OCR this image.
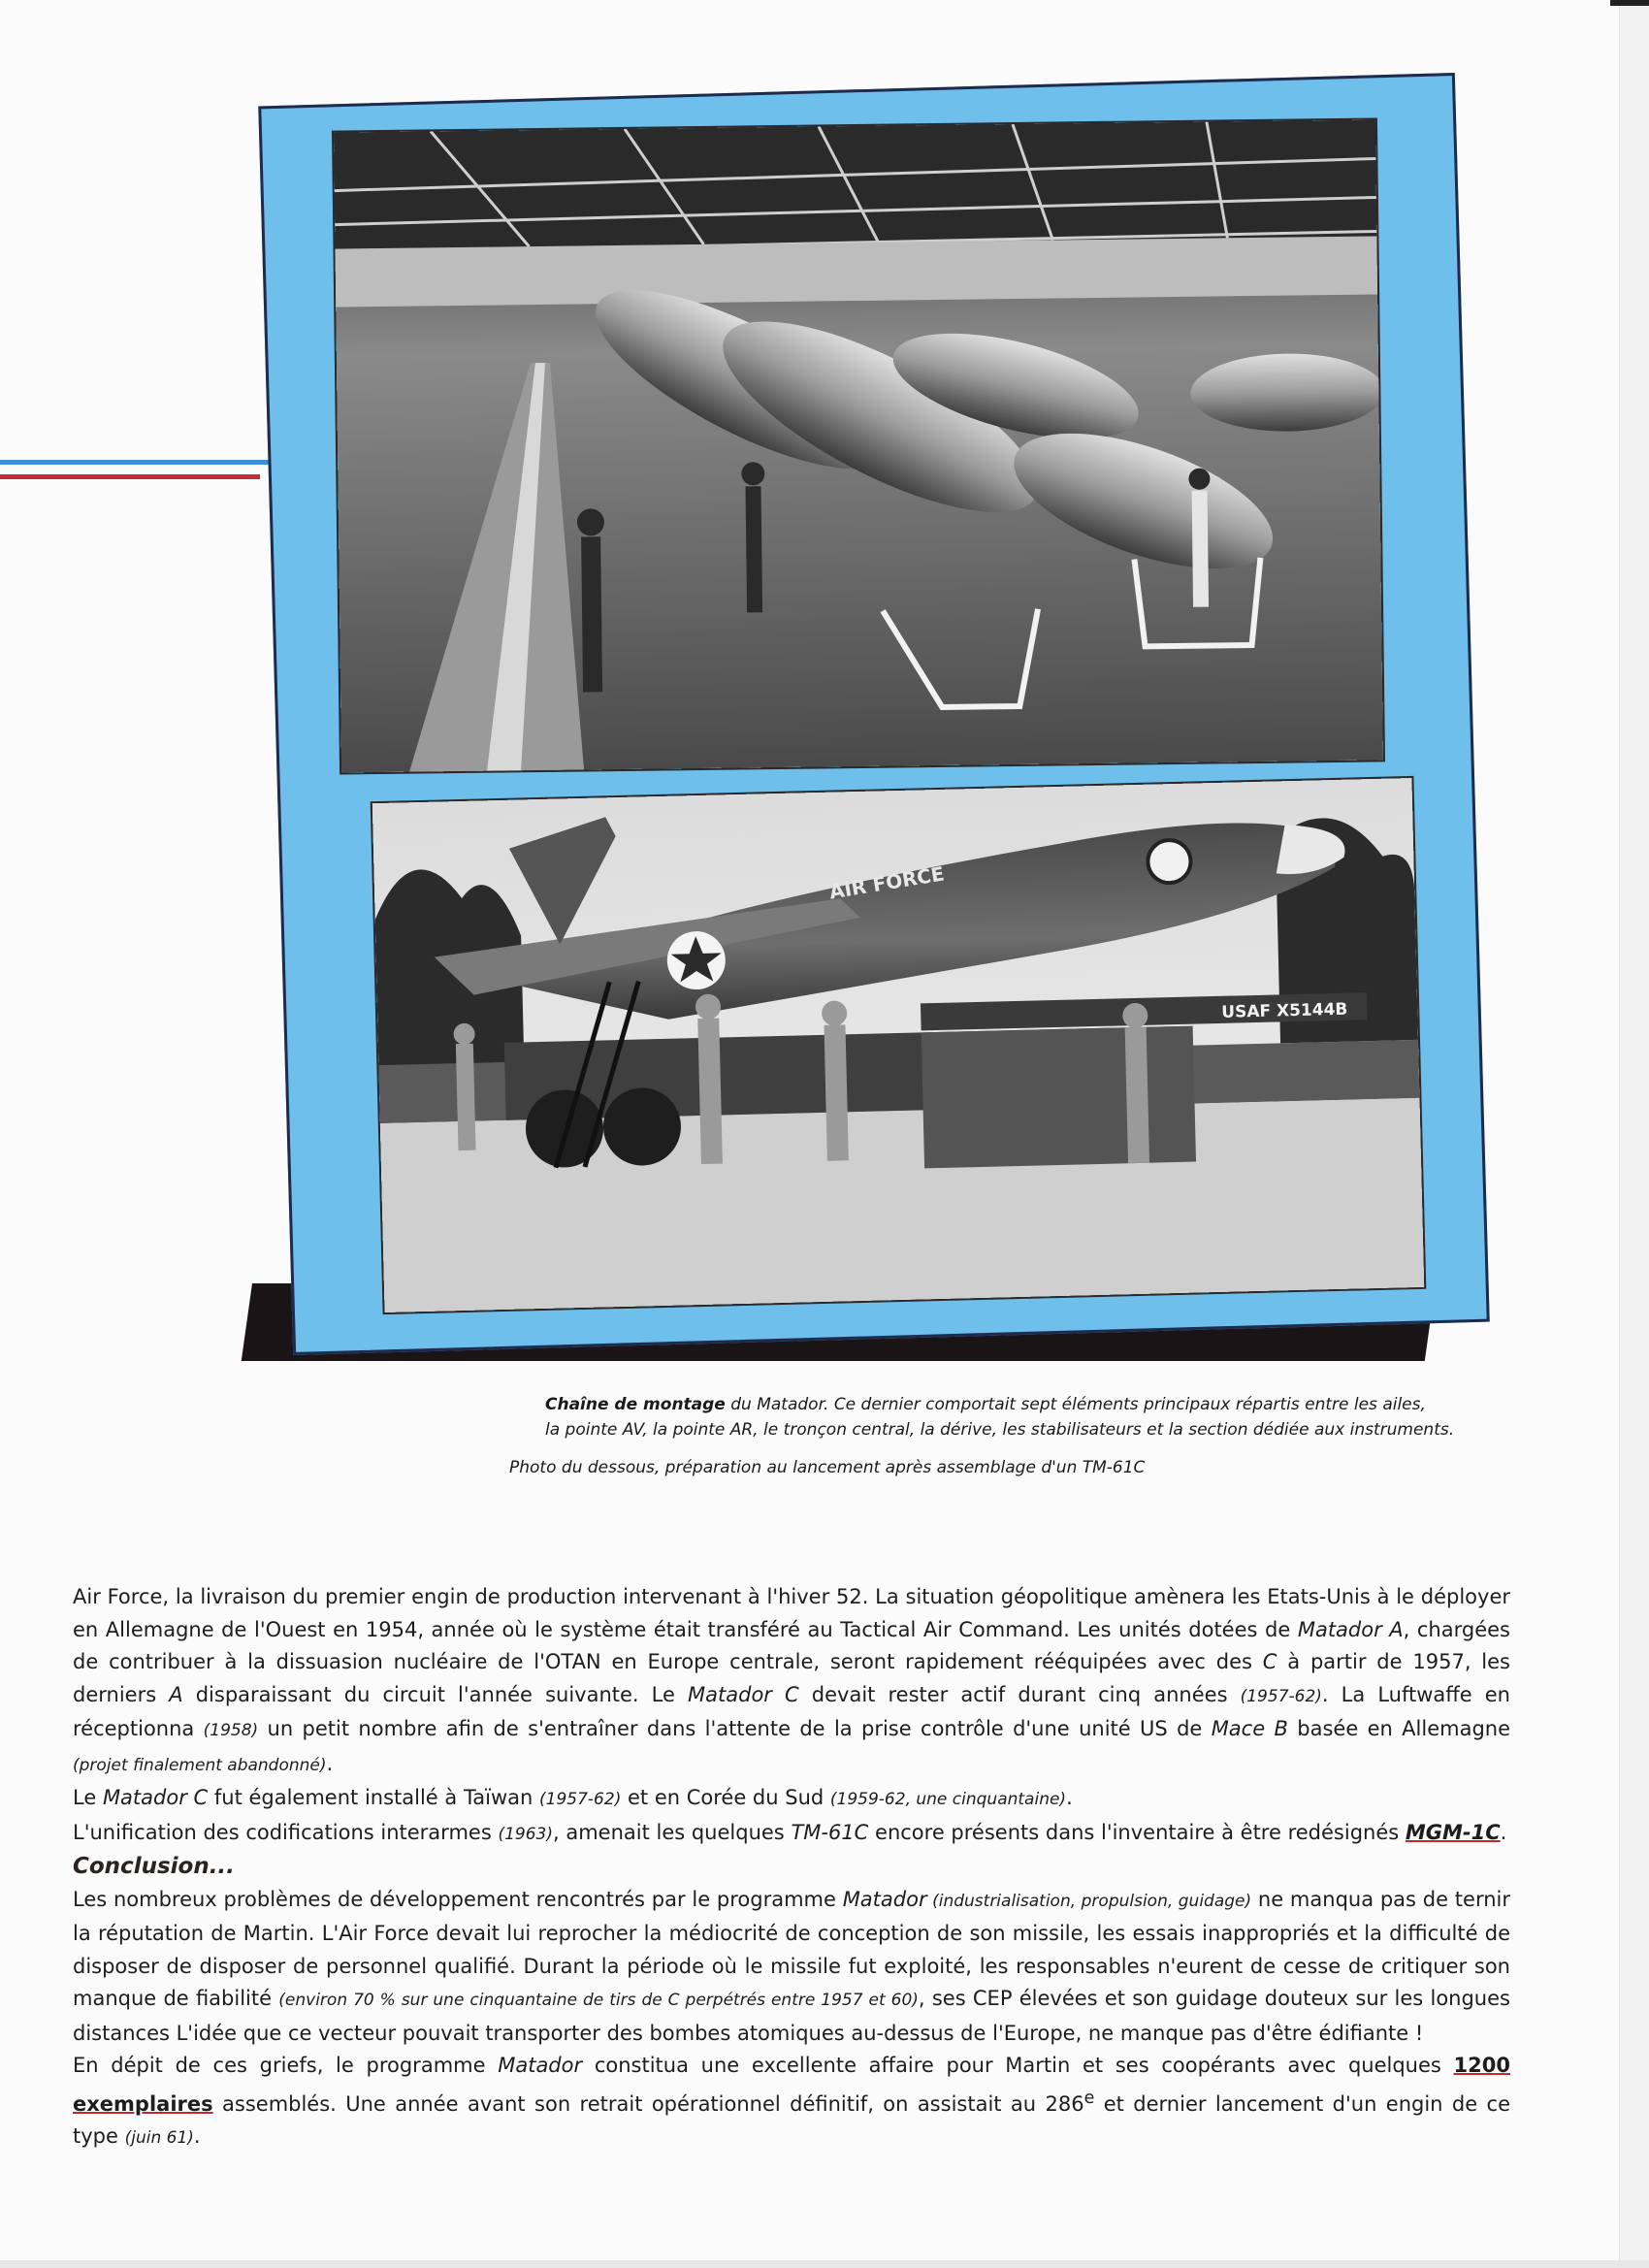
AIR FORCE
USAF X5144B
Chaîne de montage du Matador. Ce dernier comportait sept éléments principaux répartis entre les ailes,
la pointe AV, la pointe AR, le tronçon central, la dérive, les stabilisateurs et la section dédiée aux instruments.
Photo du dessous, préparation au lancement après assemblage d'un TM-61C

Air Force, la livraison du premier engin de production intervenant à l'hiver 52. La situation géopolitique amènera les Etats-Unis à le déployer en Allemagne de l'Ouest en 1954, année où le système était transféré au Tactical Air Command. Les unités dotées de Matador A, chargées de contribuer à la dissuasion nucléaire de l'OTAN en Europe centrale, seront rapidement rééquipées avec des C à partir de 1957, les derniers A disparaissant du circuit l'année suivante. Le Matador C devait rester actif durant cinq années (1957-62). La Luftwaffe en réceptionna (1958) un petit nombre afin de s'entraîner dans l'attente de la prise contrôle d'une unité US de Mace B basée en Allemagne (projet finalement abandonné).

Le Matador C fut également installé à Taïwan (1957-62) et en Corée du Sud (1959-62, une cinquantaine).

L'unification des codifications interarmes (1963), amenait les quelques TM-61C encore présents dans l'inventaire à être redésignés MGM-1C.

Conclusion...

Les nombreux problèmes de développement rencontrés par le programme Matador (industrialisation, propulsion, guidage) ne manqua pas de ternir la réputation de Martin. L'Air Force devait lui reprocher la médiocrité de conception de son missile, les essais inappropriés et la difficulté de disposer de disposer de personnel qualifié. Durant la période où le missile fut exploité, les responsables n'eurent de cesse de critiquer son manque de fiabilité (environ 70 % sur une cinquantaine de tirs de C perpétrés entre 1957 et 60), ses CEP élevées et son guidage douteux sur les longues distances L'idée que ce vecteur pouvait transporter des bombes atomiques au-dessus de l'Europe, ne manque pas d'être édifiante !

En dépit de ces griefs, le programme Matador constitua une excellente affaire pour Martin et ses coopérants avec quelques 1200 exemplaires assemblés. Une année avant son retrait opérationnel définitif, on assistait au 286e et dernier lancement d'un engin de ce type (juin 61).
